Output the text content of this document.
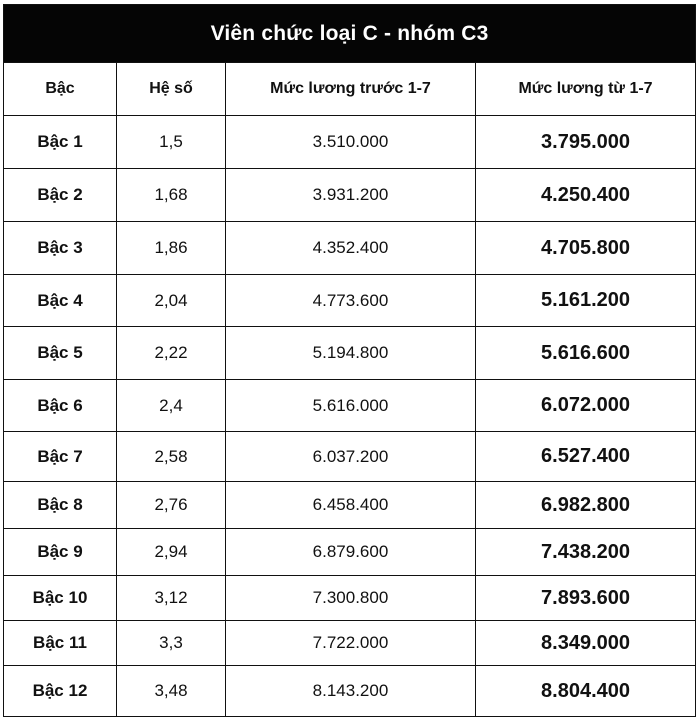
Viên chức loại C - nhóm C3			
Bậc	Hệ số	Mức lương trước 1-7	Mức lương từ 1-7
Bậc 1	1,5	3.510.000	3.795.000
Bậc 2	1,68	3.931.200	4.250.400
Bậc 3	1,86	4.352.400	4.705.800
Bậc 4	2,04	4.773.600	5.161.200
Bậc 5	2,22	5.194.800	5.616.600
Bậc 6	2,4	5.616.000	6.072.000
Bậc 7	2,58	6.037.200	6.527.400
Bậc 8	2,76	6.458.400	6.982.800
Bậc 9	2,94	6.879.600	7.438.200
Bậc 10	3,12	7.300.800	7.893.600
Bậc 11	3,3	7.722.000	8.349.000
Bậc 12	3,48	8.143.200	8.804.400
